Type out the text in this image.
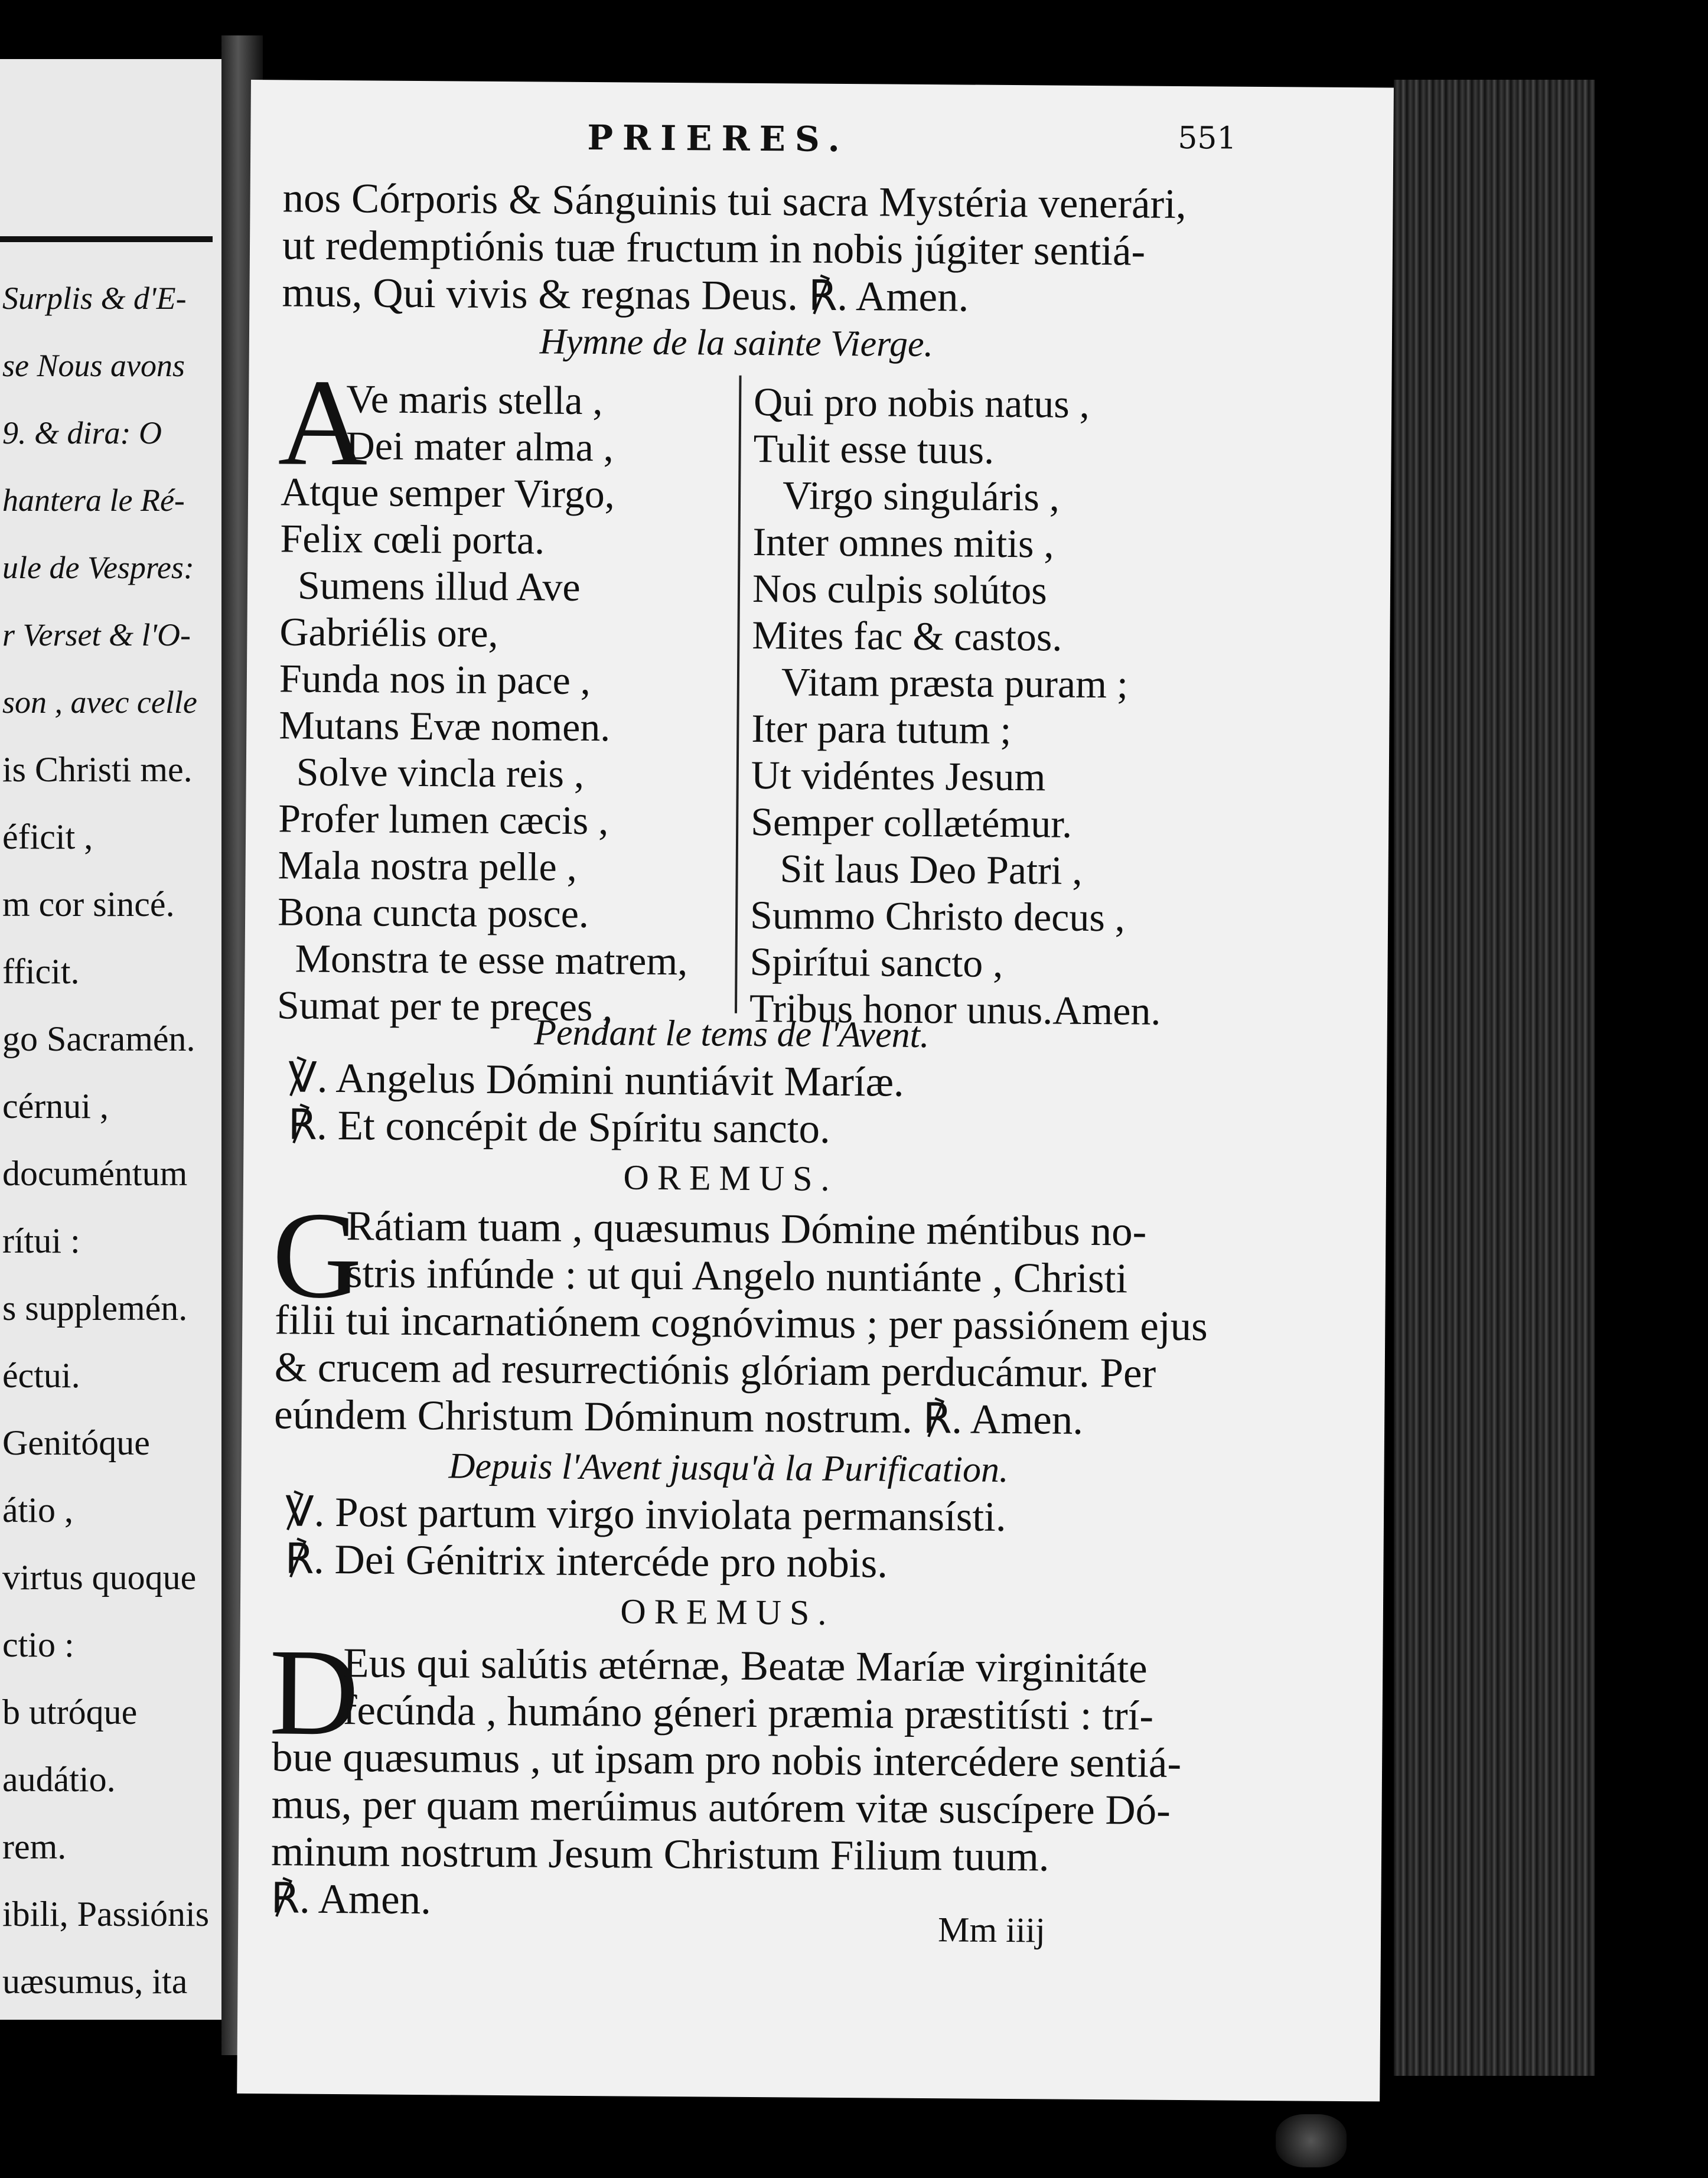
Surplis & d'E-
se Nous avons
9. & dira: O
hantera le Ré-
ule de Vespres:
r Verset & l'O-
son , avec celle
is Christi me.
éficit ,
m cor sincé.
fficit.
go Sacramén.
cérnui ,
documéntum
rítui :
s supplemén.
éctui.
Genitóque
átio ,
virtus quoque
ctio :
b utróque
audátio.
rem.
ibili, Passiónis
uæsumus, ita
PRIERES.	551
nos Córporis & Sánguinis tui sacra Mystéria venerári,
ut redemptiónis tuæ fructum in nobis júgiter sentiá-
mus, Qui vivis & regnas Deus. ℟. Amen.
Hymne de la sainte Vierge.
A
Ve maris stella ,
Dei mater alma ,
Atque semper Virgo,
Felix cœli porta.
Sumens illud Ave
Gabriélis ore,
Funda nos in pace ,
Mutans Evæ nomen.
Solve vincla reis ,
Profer lumen cæcis ,
Mala nostra pelle ,
Bona cuncta posce.
Monstra te esse matrem,
Sumat per te preces ,
Qui pro nobis natus ,
Tulit esse tuus.
Virgo singuláris ,
Inter omnes mitis ,
Nos culpis solútos
Mites fac & castos.
Vitam præsta puram ;
Iter para tutum ;
Ut vidéntes Jesum
Semper collætémur.
Sit laus Deo Patri ,
Summo Christo decus ,
Spirítui sancto ,
Tribus honor unus.Amen.
Pendant le tems de l'Avent.
℣. Angelus Dómini nuntiávit Maríæ.
℟. Et concépit de Spíritu sancto.
OREMUS.
G
Rátiam tuam , quæsumus Dómine méntibus no-
stris infúnde : ut qui Angelo nuntiánte , Christi
filii tui incarnatiónem cognóvimus ; per passiónem ejus
& crucem ad resurrectiónis glóriam perducámur. Per
eúndem Christum Dóminum nostrum. ℟. Amen.
Depuis l'Avent jusqu'à la Purification.
℣. Post partum virgo inviolata permansísti.
℟. Dei Génitrix intercéde pro nobis.
OREMUS.
D
Eus qui salútis ætérnæ, Beatæ Maríæ virginitáte
fecúnda , humáno géneri præmia præstitísti : trí-
bue quæsumus , ut ipsam pro nobis intercédere sentiá-
mus, per quam merúimus autórem vitæ suscípere Dó-
minum nostrum Jesum Christum Filium tuum.
℟. Amen.
Mm iiij
